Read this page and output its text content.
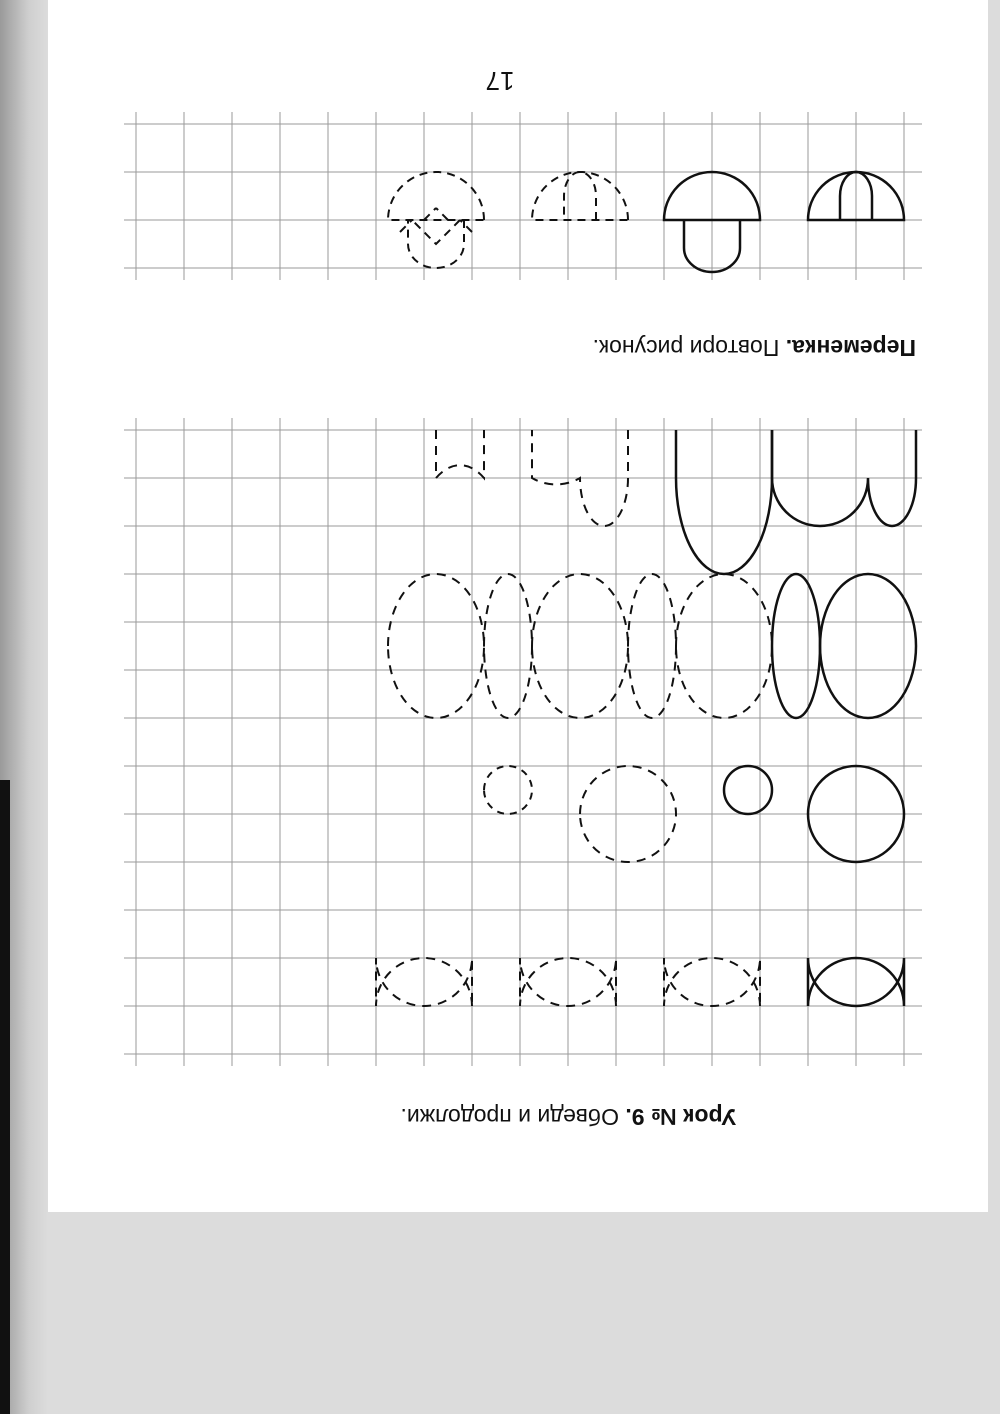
Урок № 9. Обведи и продолжи.
Переменка. Повтори рисунок.
17
